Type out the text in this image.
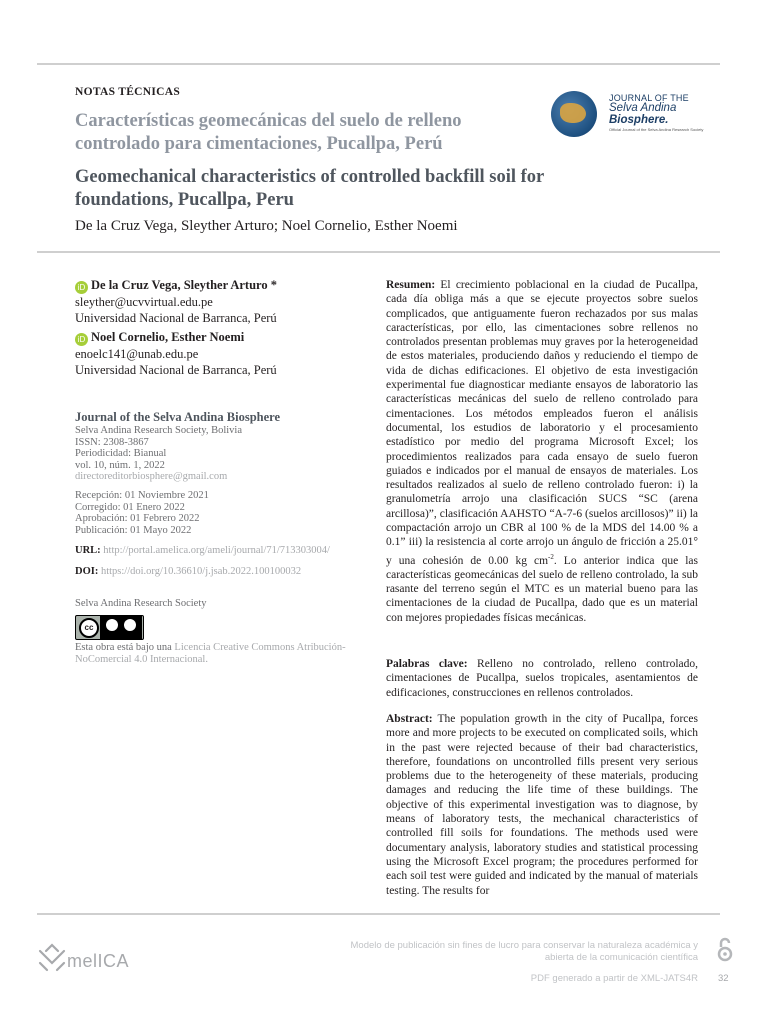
NOTAS TÉCNICAS
Características geomecánicas del suelo de relleno controlado para cimentaciones, Pucallpa, Perú
Geomechanical characteristics of controlled backfill soil for foundations, Pucallpa, Peru
De la Cruz Vega, Sleyther Arturo; Noel Cornelio, Esther Noemi
JOURNAL OF THE
Selva Andina
Biosphere.
Official Journal of the Selva Andina Research Society
iD De la Cruz Vega, Sleyther Arturo *
sleyther@ucvvirtual.edu.pe
Universidad Nacional de Barranca, Perú
iD Noel Cornelio, Esther Noemi
enoelc141@unab.edu.pe
Universidad Nacional de Barranca, Perú
Journal of the Selva Andina Biosphere
Selva Andina Research Society, Bolivia
ISSN: 2308-3867
Periodicidad: Bianual
vol. 10, núm. 1, 2022
directoreditorbiosphere@gmail.com
Recepción: 01 Noviembre 2021
Corregido: 01 Enero 2022
Aprobación: 01 Febrero 2022
Publicación: 01 Mayo 2022
URL: http://portal.amelica.org/ameli/journal/71/713303004/
DOI: https://doi.org/10.36610/j.jsab.2022.100100032
Selva Andina Research Society
cc
Esta obra está bajo una Licencia Creative Commons Atribución-NoComercial 4.0 Internacional.
Resumen: El crecimiento poblacional en la ciudad de Pucallpa, cada día obliga más a que se ejecute proyectos sobre suelos complicados, que antiguamente fueron rechazados por sus malas características, por ello, las cimentaciones sobre rellenos no controlados presentan problemas muy graves por la heterogeneidad de estos materiales, produciendo daños y reduciendo el tiempo de vida de dichas edificaciones. El objetivo de esta investigación experimental fue diagnosticar mediante ensayos de laboratorio las características mecánicas del suelo de relleno controlado para cimentaciones. Los métodos empleados fueron el análisis documental, los estudios de laboratorio y el procesamiento estadístico por medio del programa Microsoft Excel; los procedimientos realizados para cada ensayo de suelo fueron guiados e indicados por el manual de ensayos de materiales. Los resultados realizados al suelo de relleno controlado fueron: i) la granulometría arrojo una clasificación SUCS “SC (arena arcillosa)”, clasificación AAHSTO “A-7-6 (suelos arcillosos)” ii) la compactación arrojo un CBR al 100 % de la MDS del 14.00 % a 0.1” iii) la resistencia al corte arrojo un ángulo de fricción a 25.01° y una cohesión de 0.00 kg $cm^{-2}$. Lo anterior indica que las características geomecánicas del suelo de relleno controlado, la sub rasante del terreno según el MTC es un material bueno para las cimentaciones de la ciudad de Pucallpa, dado que es un material con mejores propiedades físicas mecánicas.
Palabras clave: Relleno no controlado, relleno controlado, cimentaciones de Pucallpa, suelos tropicales, asentamientos de edificaciones, construcciones en rellenos controlados.
Abstract: The population growth in the city of Pucallpa, forces more and more projects to be executed on complicated soils, which in the past were rejected because of their bad characteristics, therefore, foundations on uncontrolled fills present very serious problems due to the heterogeneity of these materials, producing damages and reducing the life time of these buildings. The objective of this experimental investigation was to diagnose, by means of laboratory tests, the mechanical characteristics of controlled fill soils for foundations. The methods used were documentary analysis, laboratory studies and statistical processing using the Microsoft Excel program; the procedures performed for each soil test were guided and indicated by the manual of materials testing. The results for
melICA
Modelo de publicación sin fines de lucro para conservar la naturaleza académica y abierta de la comunicación científica
PDF generado a partir de XML-JATS4R 32
